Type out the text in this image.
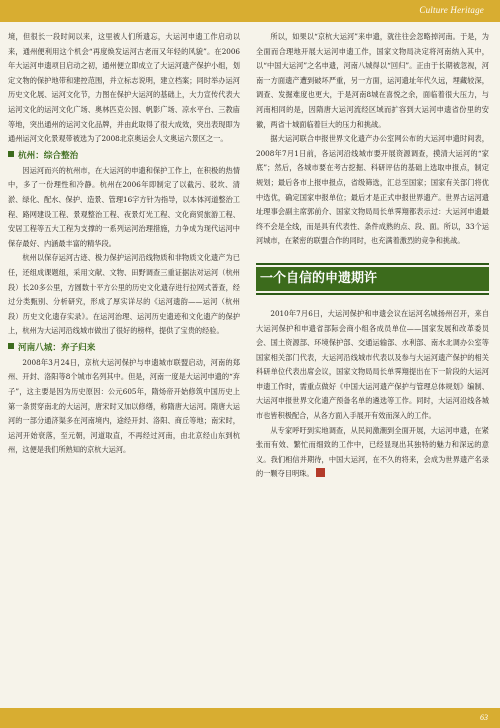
Culture Heritage

境，但很长一段时间以来，这里被人们所遗忘，大运河申遗工作启动以来，通州便利用这个机会“再度焕发运河古老而又年轻的风貌”。在2006年大运河申遗项目启动之初，通州便立即成立了大运河遗产保护小组，划定文物的保护地带和建控范围，并立标志说明，建立档案；同时举办运河历史文化展、运河文化节，力图在保护大运河的基础上，大力宣传代表大运河文化的运河文化广场、奥林匹克公园、帆影广场、凉水平台、三教庙等地，突出通州的运河文化品牌，并由此取得了很大成效，突出表现即为通州运河文化景观带被选为了2008北京奥运会人文奥运六景区之一。

杭州：综合整治

因运河而兴的杭州市，在大运河的申遗和保护工作上，在积极的热情中，多了一份理性和冷静。杭州在2006年即制定了以截污、驳坎、清淤、绿化、配水、保护、造景、管理16字方针为指导，以本体河道整治工程、路网建设工程、景观整治工程、夜景灯光工程、文化商贸旅游工程、安居工程等五大工程为支撑的一系列运河治理措施，力争成为现代运河中保存最好、内涵最丰富的精华段。

杭州以保存运河古迹、极力保护运河沿线物质和非物质文化遗产为已任，还组成课题组，采用文献、文物、田野调查三重证据法对运河（杭州段）长20多公里，方圆数十平方公里的历史文化遗存进行拉网式普查，经过分类甄别、分析研究，形成了厚实详尽的《运河遗韵——运河（杭州段）历史文化遗存实录》。在运河治理、运河历史遗迹和文化遗产的保护上，杭州为大运河沿线城市做出了很好的榜样，提供了宝贵的经验。

河南八城：弃子归来

2008年3月24日，京杭大运河保护与申遗城市联盟启动，河南的郑州、开封、洛阳等8个城市名列其中。但是，河南一度是大运河申遗的“弃子”，这主要是因为历史原因：公元605年，隋炀帝开始修筑中国历史上第一条贯穿南北的大运河，唐宋时又加以修缮，称隋唐大运河。隋唐大运河的一部分通济渠多在河南境内，途经开封、洛阳、商丘等地；南宋时，运河开始衰落，至元朝，河道取直，不再经过河南，由北京经山东到杭州，这便是我们所熟知的京杭大运河。

所以，如果以“京杭大运河”来申遗，就往往会忽略掉河南。于是，为全面而合理地开展大运河申遗工作，国家文物局决定将河南纳入其中，以“中国大运河”之名申遗，河南八城得以“回归”。正由于长期被忽视，河南一方面遗产遭到破坏严重，另一方面，运河遗址年代久远，埋藏较深，调查、发掘难度也更大，于是河南8城在喜悦之余，面临着很大压力，与河南相同的是，因隋唐大运河流经区域而扩容到大运河申遗省份里的安徽，两省十城面临着巨大的压力和挑战。

据大运河联合申报世界文化遗产办公室网公布的大运河申遗时间表，2008年7月1日前，各运河沿线城市要开展资源调查，摸清大运河的“家底”；然后，各城市要在考古挖掘、科研评估的基础上选取申报点，制定规划；最后各市上报申报点，省级筛选，汇总至国家；国家有关部门将优中选优，确定国家申报单位；最后才是正式申报世界遗产。世界古运河遗址理事会副主席郭前介、国家文物局局长单霁翔都表示过：大运河申遗最终不会是全线，而是具有代表性、条件成熟的点、段、面。所以，33个运河城市，在紧密的联盟合作的同时，也充满着激烈的竞争和挑战。

一个自信的申遗期许

2010年7月6日，大运河保护和申遗会议在运河名城扬州召开，来自大运河保护和申遗省部际会商小组各成员单位——国家发展和改革委员会、国土资源部、环境保护部、交通运输部、水利部、南水北调办公室等国家相关部门代表，大运河沿线城市代表以及参与大运河遗产保护的相关科研单位代表出席会议，国家文物局局长单霁翔提出在下一阶段的大运河申遗工作时，需重点做好《中国大运河遗产保护与管理总体规划》编制、大运河申报世界文化遗产预备名单的遴选等工作。同时，大运河沿线各城市也皆积极配合，从各方面入手展开有效而深入的工作。

从专家呼吁到实地调查，从民间激潮到全面开展，大运河申遗，在紧张而有效、繁忙而细致的工作中，已经显现出其独特的魅力和深远的意义。我们相信并期待，中国大运河，在不久的将来，会成为世界遗产名录的一颗夺目明珠。

63
